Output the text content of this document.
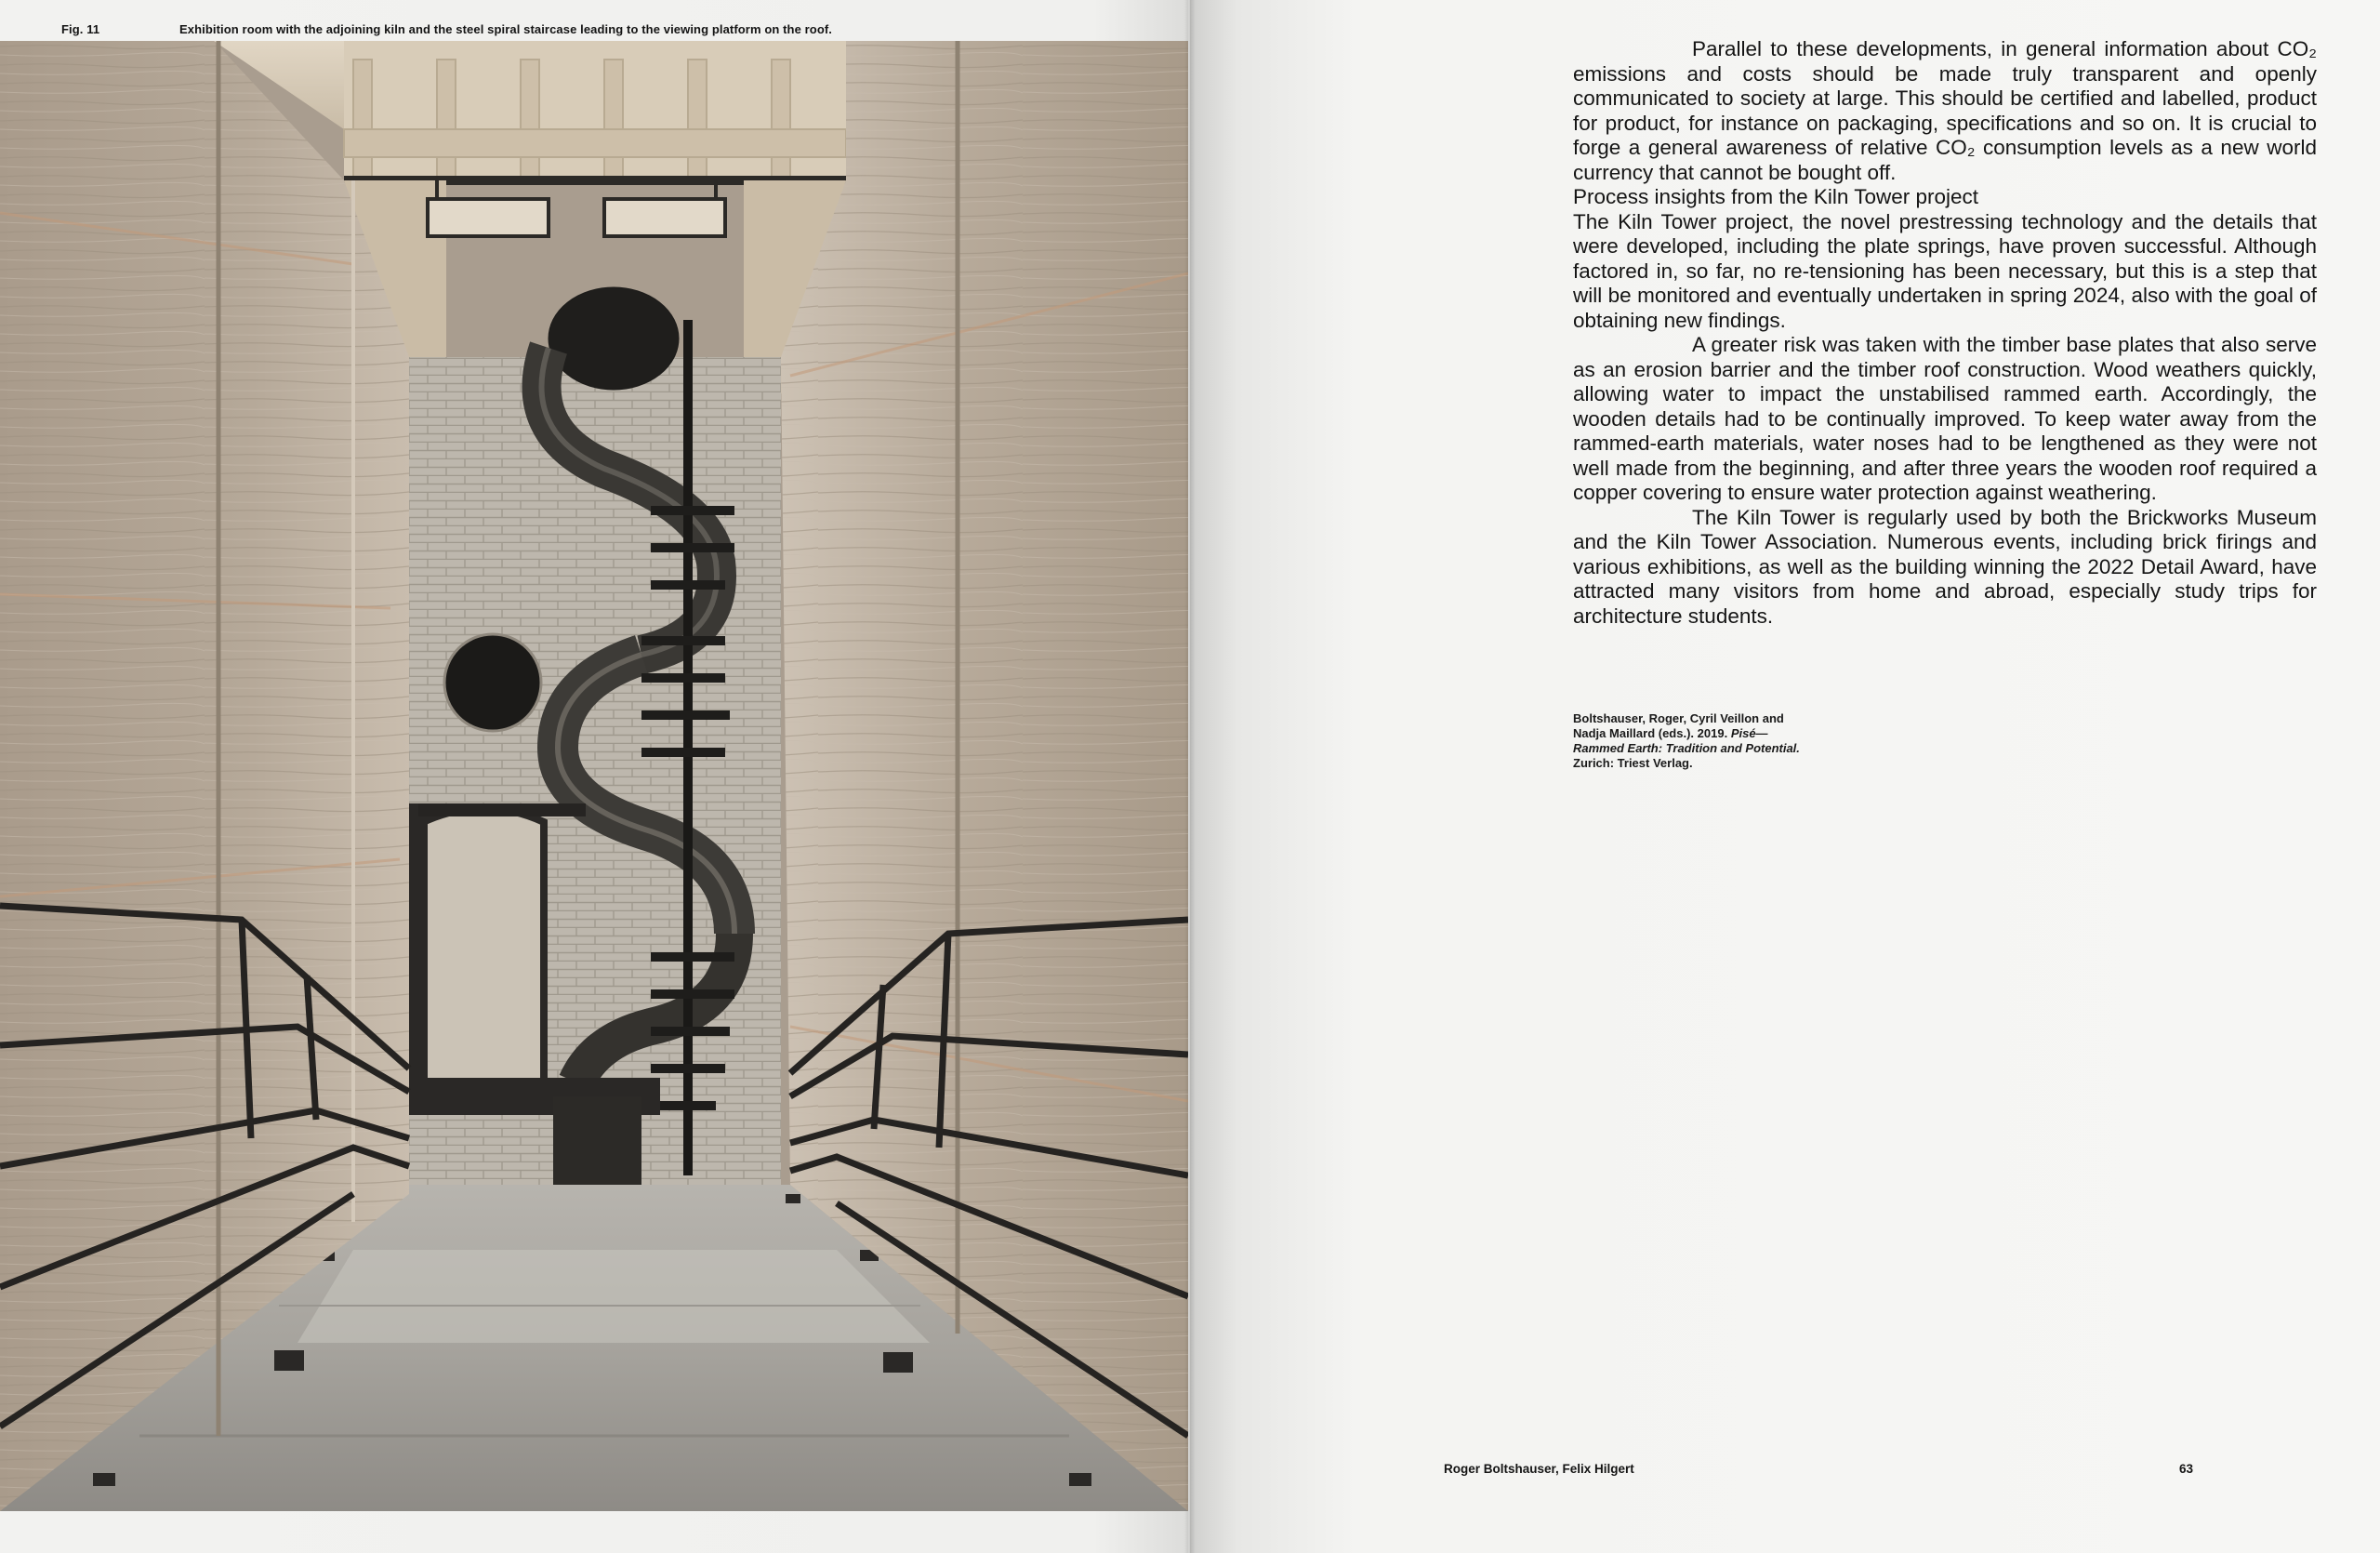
Fig. 11	Exhibition room with the adjoining kiln and the steel spiral staircase leading to the viewing platform on the roof.

Parallel to these developments, in general information about CO₂ emissions and costs should be made truly transparent and openly communicated to society at large. This should be certified and labelled, product for product, for instance on packaging, specifications and so on. It is crucial to forge a general awareness of relative CO₂ consumption levels as a new world currency that cannot be bought off.

Process insights from the Kiln Tower project

The Kiln Tower project, the novel prestressing technology and the details that were developed, including the plate springs, have proven successful. Although factored in, so far, no re-tensioning has been necessary, but this is a step that will be monitored and eventually undertaken in spring 2024, also with the goal of obtaining new findings.

A greater risk was taken with the timber base plates that also serve as an erosion barrier and the timber roof construction. Wood weathers quickly, allowing water to impact the unstabilised rammed earth. Accordingly, the wooden details had to be continually improved. To keep water away from the rammed-earth materials, water noses had to be lengthened as they were not well made from the beginning, and after three years the wooden roof required a copper covering to ensure water protection against weathering.

The Kiln Tower is regularly used by both the Brickworks Museum and the Kiln Tower Association. Numerous events, including brick firings and various exhibitions, as well as the building winning the 2022 Detail Award, have attracted many visitors from home and abroad, especially study trips for architecture students.

Boltshauser, Roger, Cyril Veillon and Nadja Maillard (eds.). 2019. Pisé—Rammed Earth: Tradition and Potential. Zurich: Triest Verlag.
Roger Boltshauser, Felix Hilgert	63
